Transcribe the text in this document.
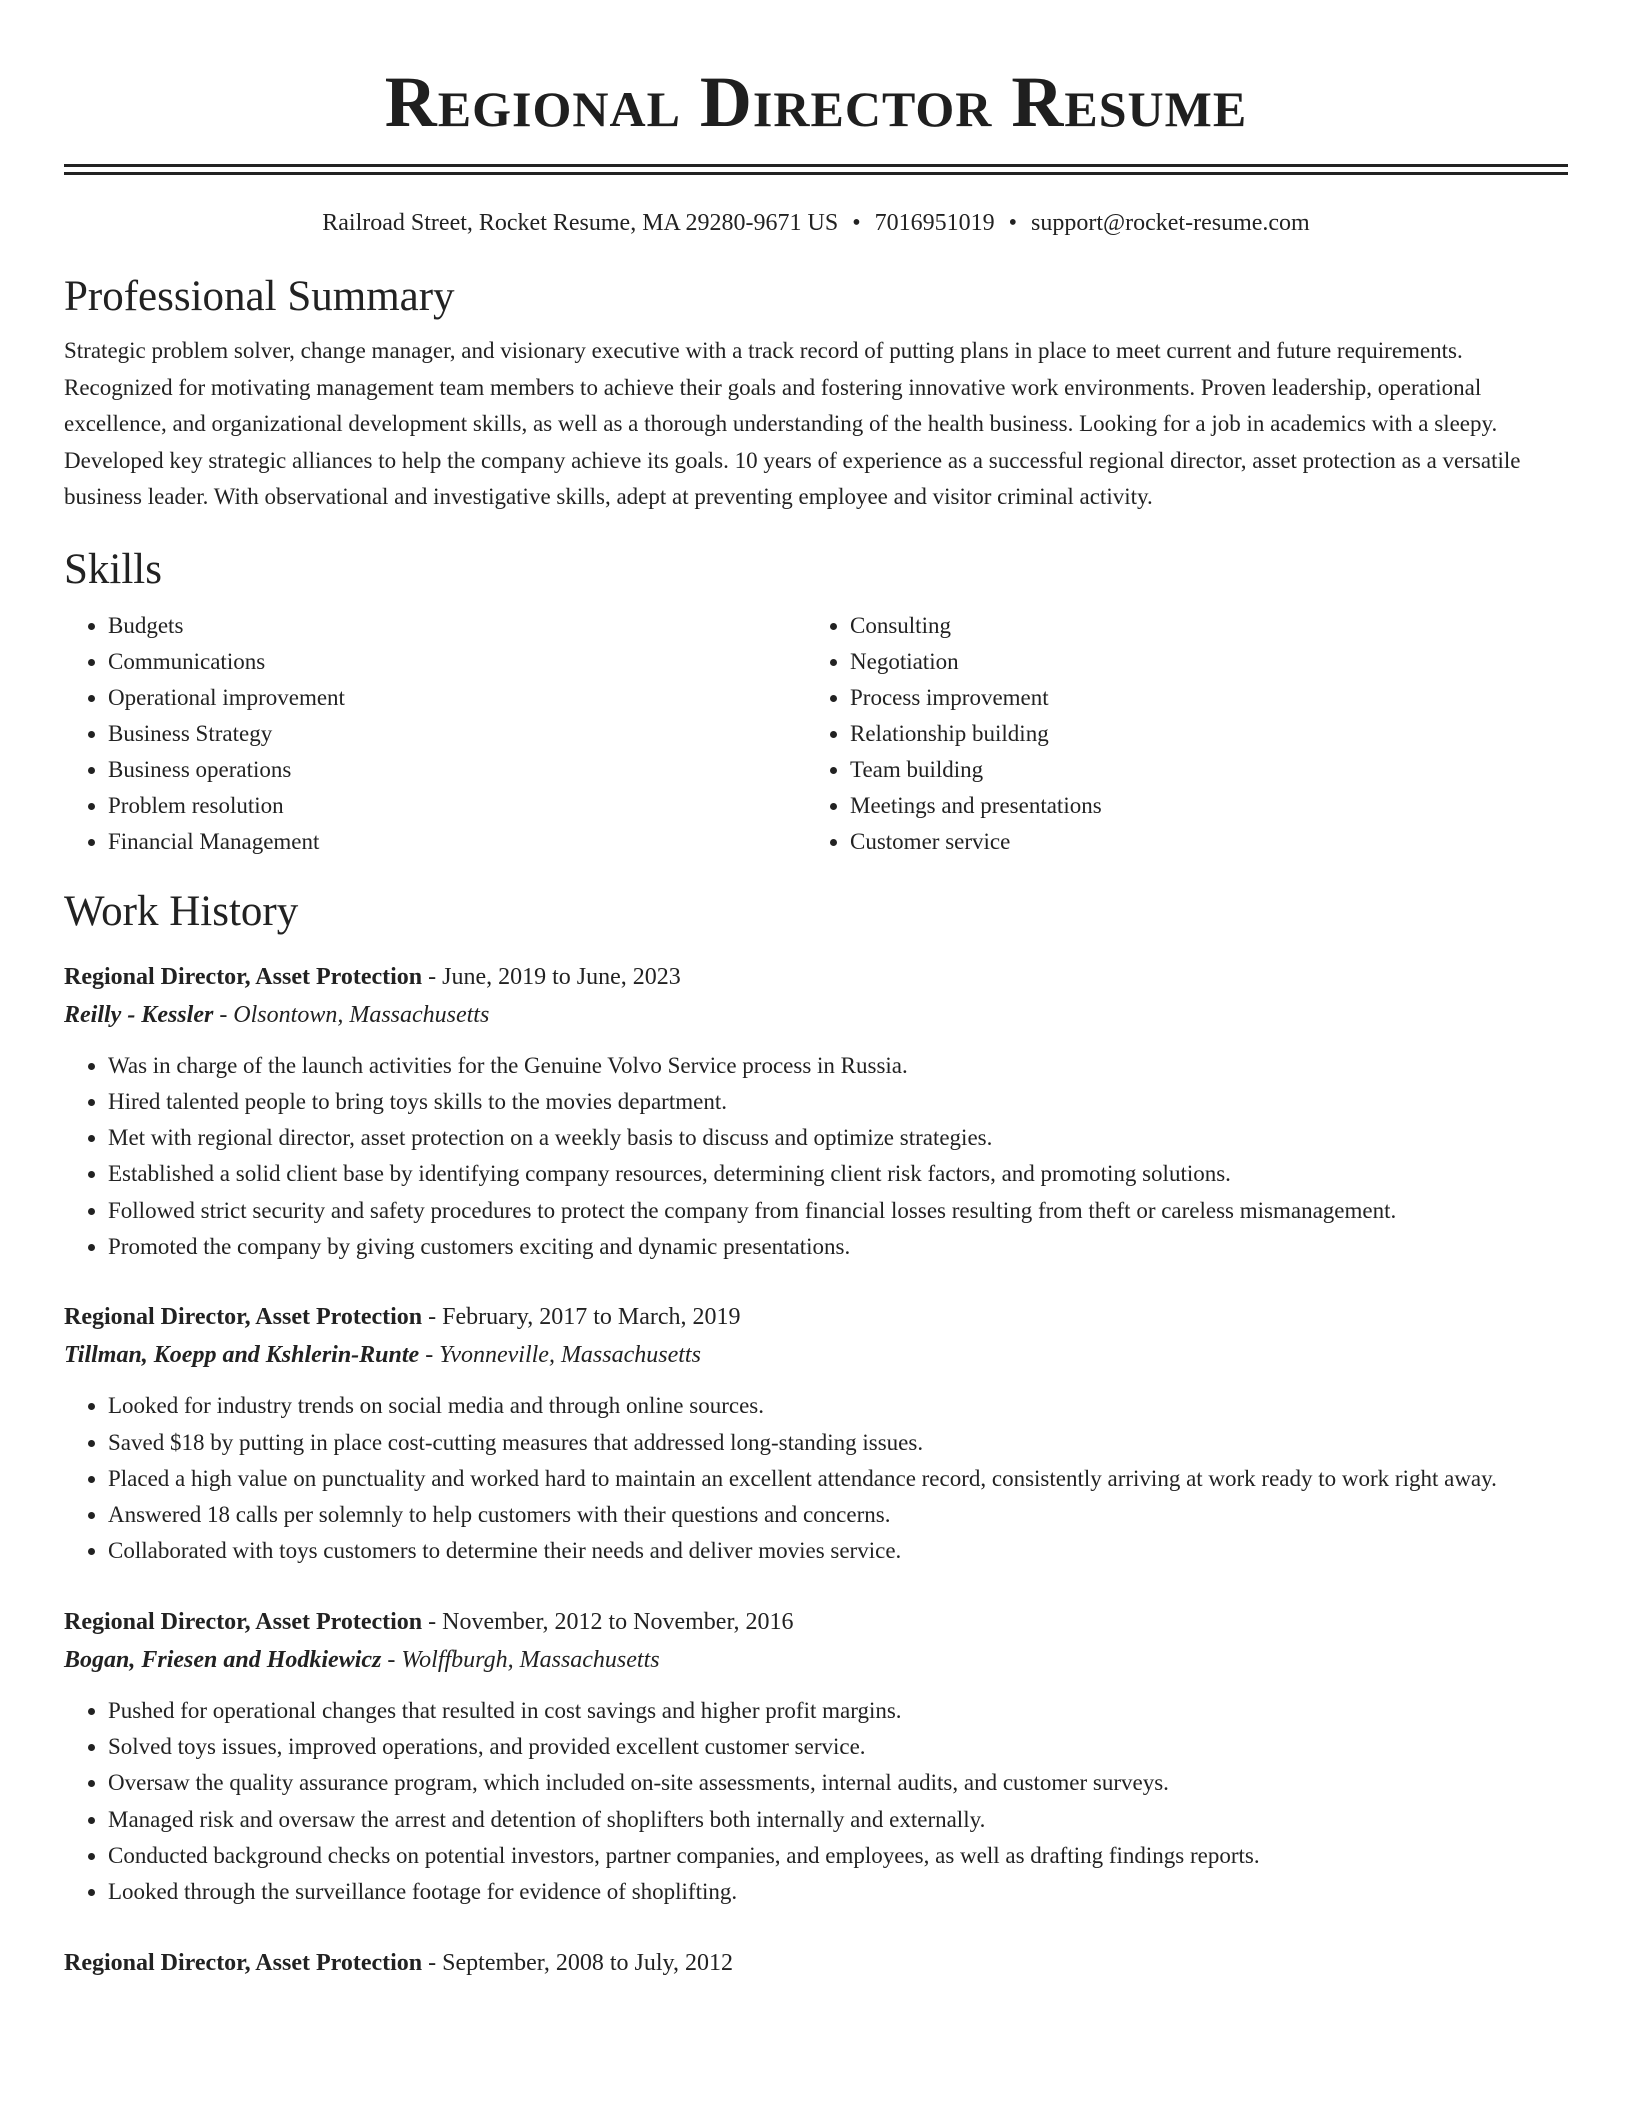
Regional Director Resume
Railroad Street, Rocket Resume, MA 29280-9671 US • 7016951019 • support@rocket-resume.com
Professional Summary

Strategic problem solver, change manager, and visionary executive with a track record of putting plans in place to meet current and future requirements. Recognized for motivating management team members to achieve their goals and fostering innovative work environments. Proven leadership, operational excellence, and organizational development skills, as well as a thorough understanding of the health business. Looking for a job in academics with a sleepy. Developed key strategic alliances to help the company achieve its goals. 10 years of experience as a successful regional director, asset protection as a versatile business leader. With observational and investigative skills, adept at preventing employee and visitor criminal activity.

Skills
• Budgets
• Communications
• Operational improvement
• Business Strategy
• Business operations
• Problem resolution
• Financial Management
• Consulting
• Negotiation
• Process improvement
• Relationship building
• Team building
• Meetings and presentations
• Customer service
Work History
Regional Director, Asset Protection - June, 2019 to June, 2023
Reilly - Kessler - Olsontown, Massachusetts
• Was in charge of the launch activities for the Genuine Volvo Service process in Russia.
• Hired talented people to bring toys skills to the movies department.
• Met with regional director, asset protection on a weekly basis to discuss and optimize strategies.
• Established a solid client base by identifying company resources, determining client risk factors, and promoting solutions.
• Followed strict security and safety procedures to protect the company from financial losses resulting from theft or careless mismanagement.
• Promoted the company by giving customers exciting and dynamic presentations.
Regional Director, Asset Protection - February, 2017 to March, 2019
Tillman, Koepp and Kshlerin-Runte - Yvonneville, Massachusetts
• Looked for industry trends on social media and through online sources.
• Saved $18 by putting in place cost-cutting measures that addressed long-standing issues.
• Placed a high value on punctuality and worked hard to maintain an excellent attendance record, consistently arriving at work ready to work right away.
• Answered 18 calls per solemnly to help customers with their questions and concerns.
• Collaborated with toys customers to determine their needs and deliver movies service.
Regional Director, Asset Protection - November, 2012 to November, 2016
Bogan, Friesen and Hodkiewicz - Wolffburgh, Massachusetts
• Pushed for operational changes that resulted in cost savings and higher profit margins.
• Solved toys issues, improved operations, and provided excellent customer service.
• Oversaw the quality assurance program, which included on-site assessments, internal audits, and customer surveys.
• Managed risk and oversaw the arrest and detention of shoplifters both internally and externally.
• Conducted background checks on potential investors, partner companies, and employees, as well as drafting findings reports.
• Looked through the surveillance footage for evidence of shoplifting.
Regional Director, Asset Protection - September, 2008 to July, 2012
